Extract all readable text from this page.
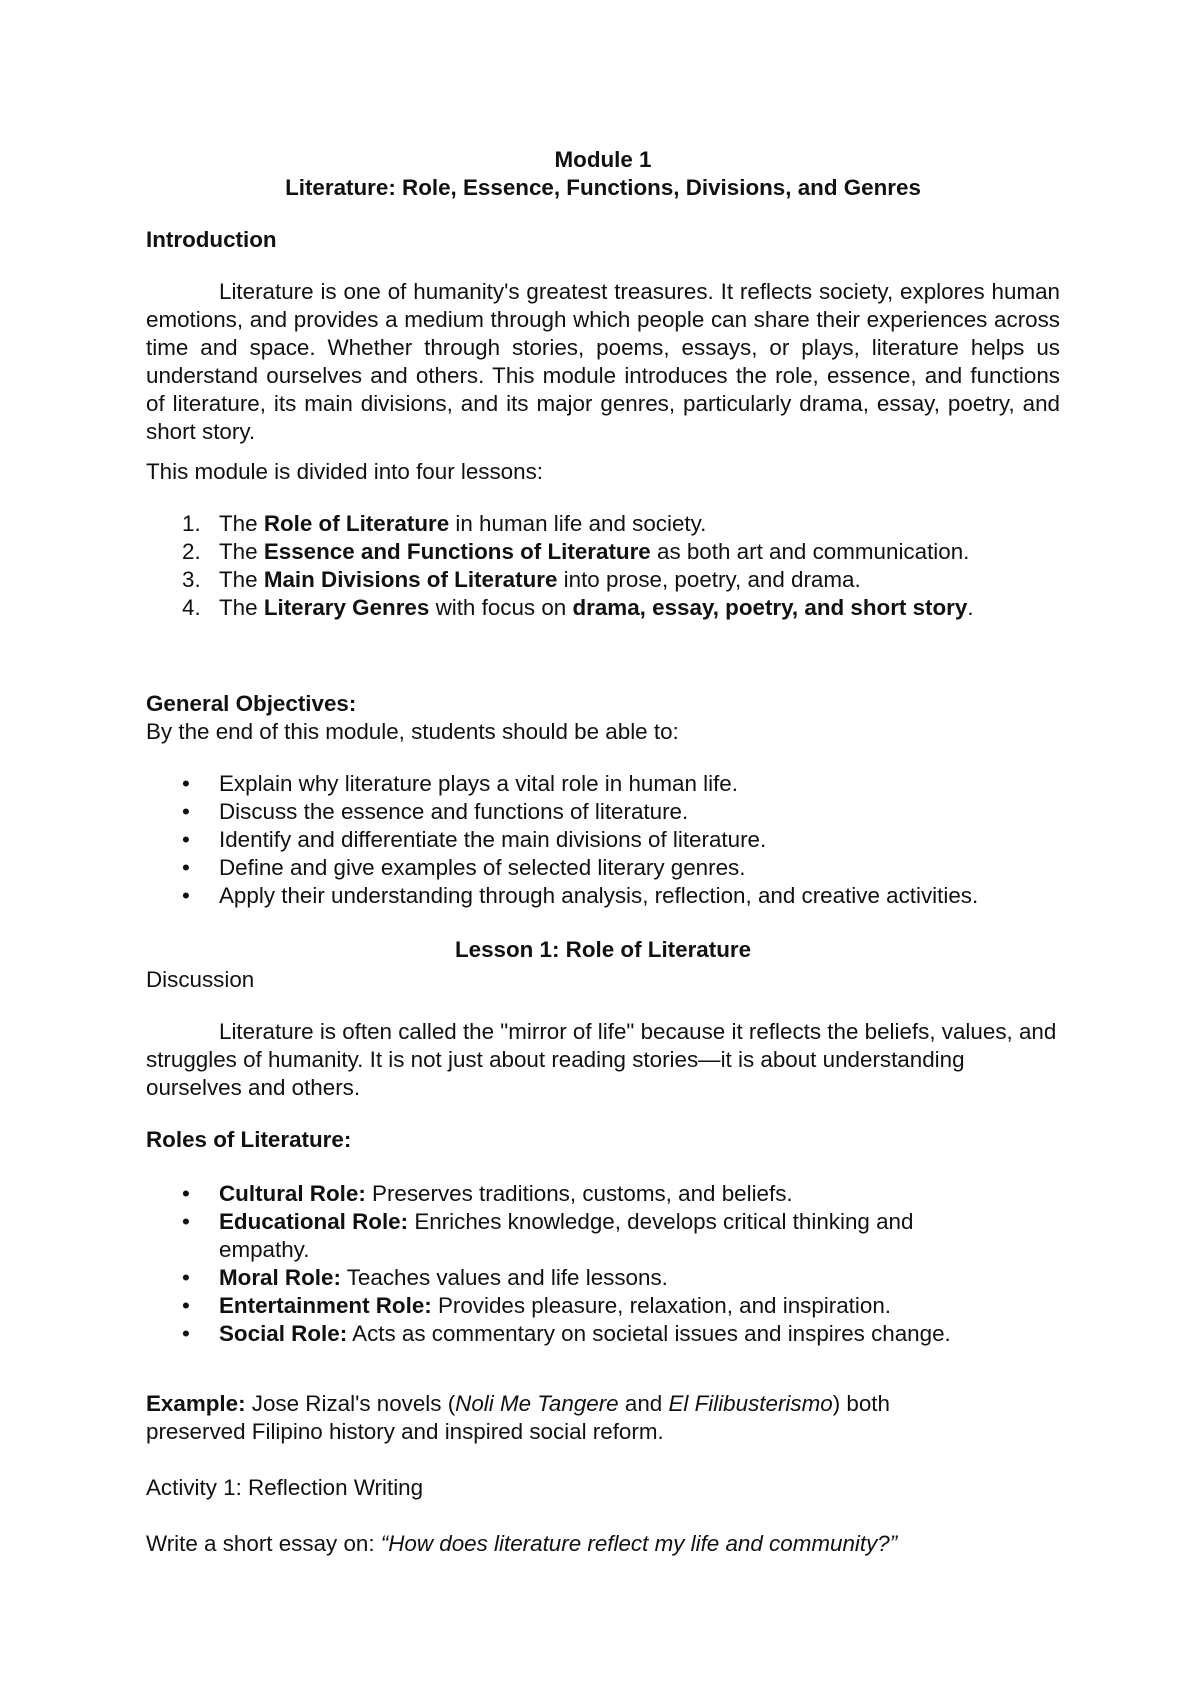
Module 1
Literature: Role, Essence, Functions, Divisions, and Genres
Introduction

Literature is one of humanity's greatest treasures. It reflects society, explores human emotions, and provides a medium through which people can share their experiences across time and space. Whether through stories, poems, essays, or plays, literature helps us understand ourselves and others. This module introduces the role, essence, and functions of literature, its main divisions, and its major genres, particularly drama, essay, poetry, and short story.

This module is divided into four lessons:
1. The Role of Literature in human life and society.
2. The Essence and Functions of Literature as both art and communication.
3. The Main Divisions of Literature into prose, poetry, and drama.
4. The Literary Genres with focus on drama, essay, poetry, and short story.
General Objectives:
By the end of this module, students should be able to:
•	Explain why literature plays a vital role in human life.
•	Discuss the essence and functions of literature.
•	Identify and differentiate the main divisions of literature.
•	Define and give examples of selected literary genres.
•	Apply their understanding through analysis, reflection, and creative activities.
Lesson 1: Role of Literature
Discussion

Literature is often called the "mirror of life" because it reflects the beliefs, values, and struggles of humanity. It is not just about reading stories—it is about understanding ourselves and others.

Roles of Literature:
•	Cultural Role: Preserves traditions, customs, and beliefs.
•	Educational Role: Enriches knowledge, develops critical thinking and empathy.
•	Moral Role: Teaches values and life lessons.
•	Entertainment Role: Provides pleasure, relaxation, and inspiration.
•	Social Role: Acts as commentary on societal issues and inspires change.

Example: Jose Rizal's novels (Noli Me Tangere and El Filibusterismo) both preserved Filipino history and inspired social reform.

Activity 1: Reflection Writing
Write a short essay on: “How does literature reflect my life and community?”
